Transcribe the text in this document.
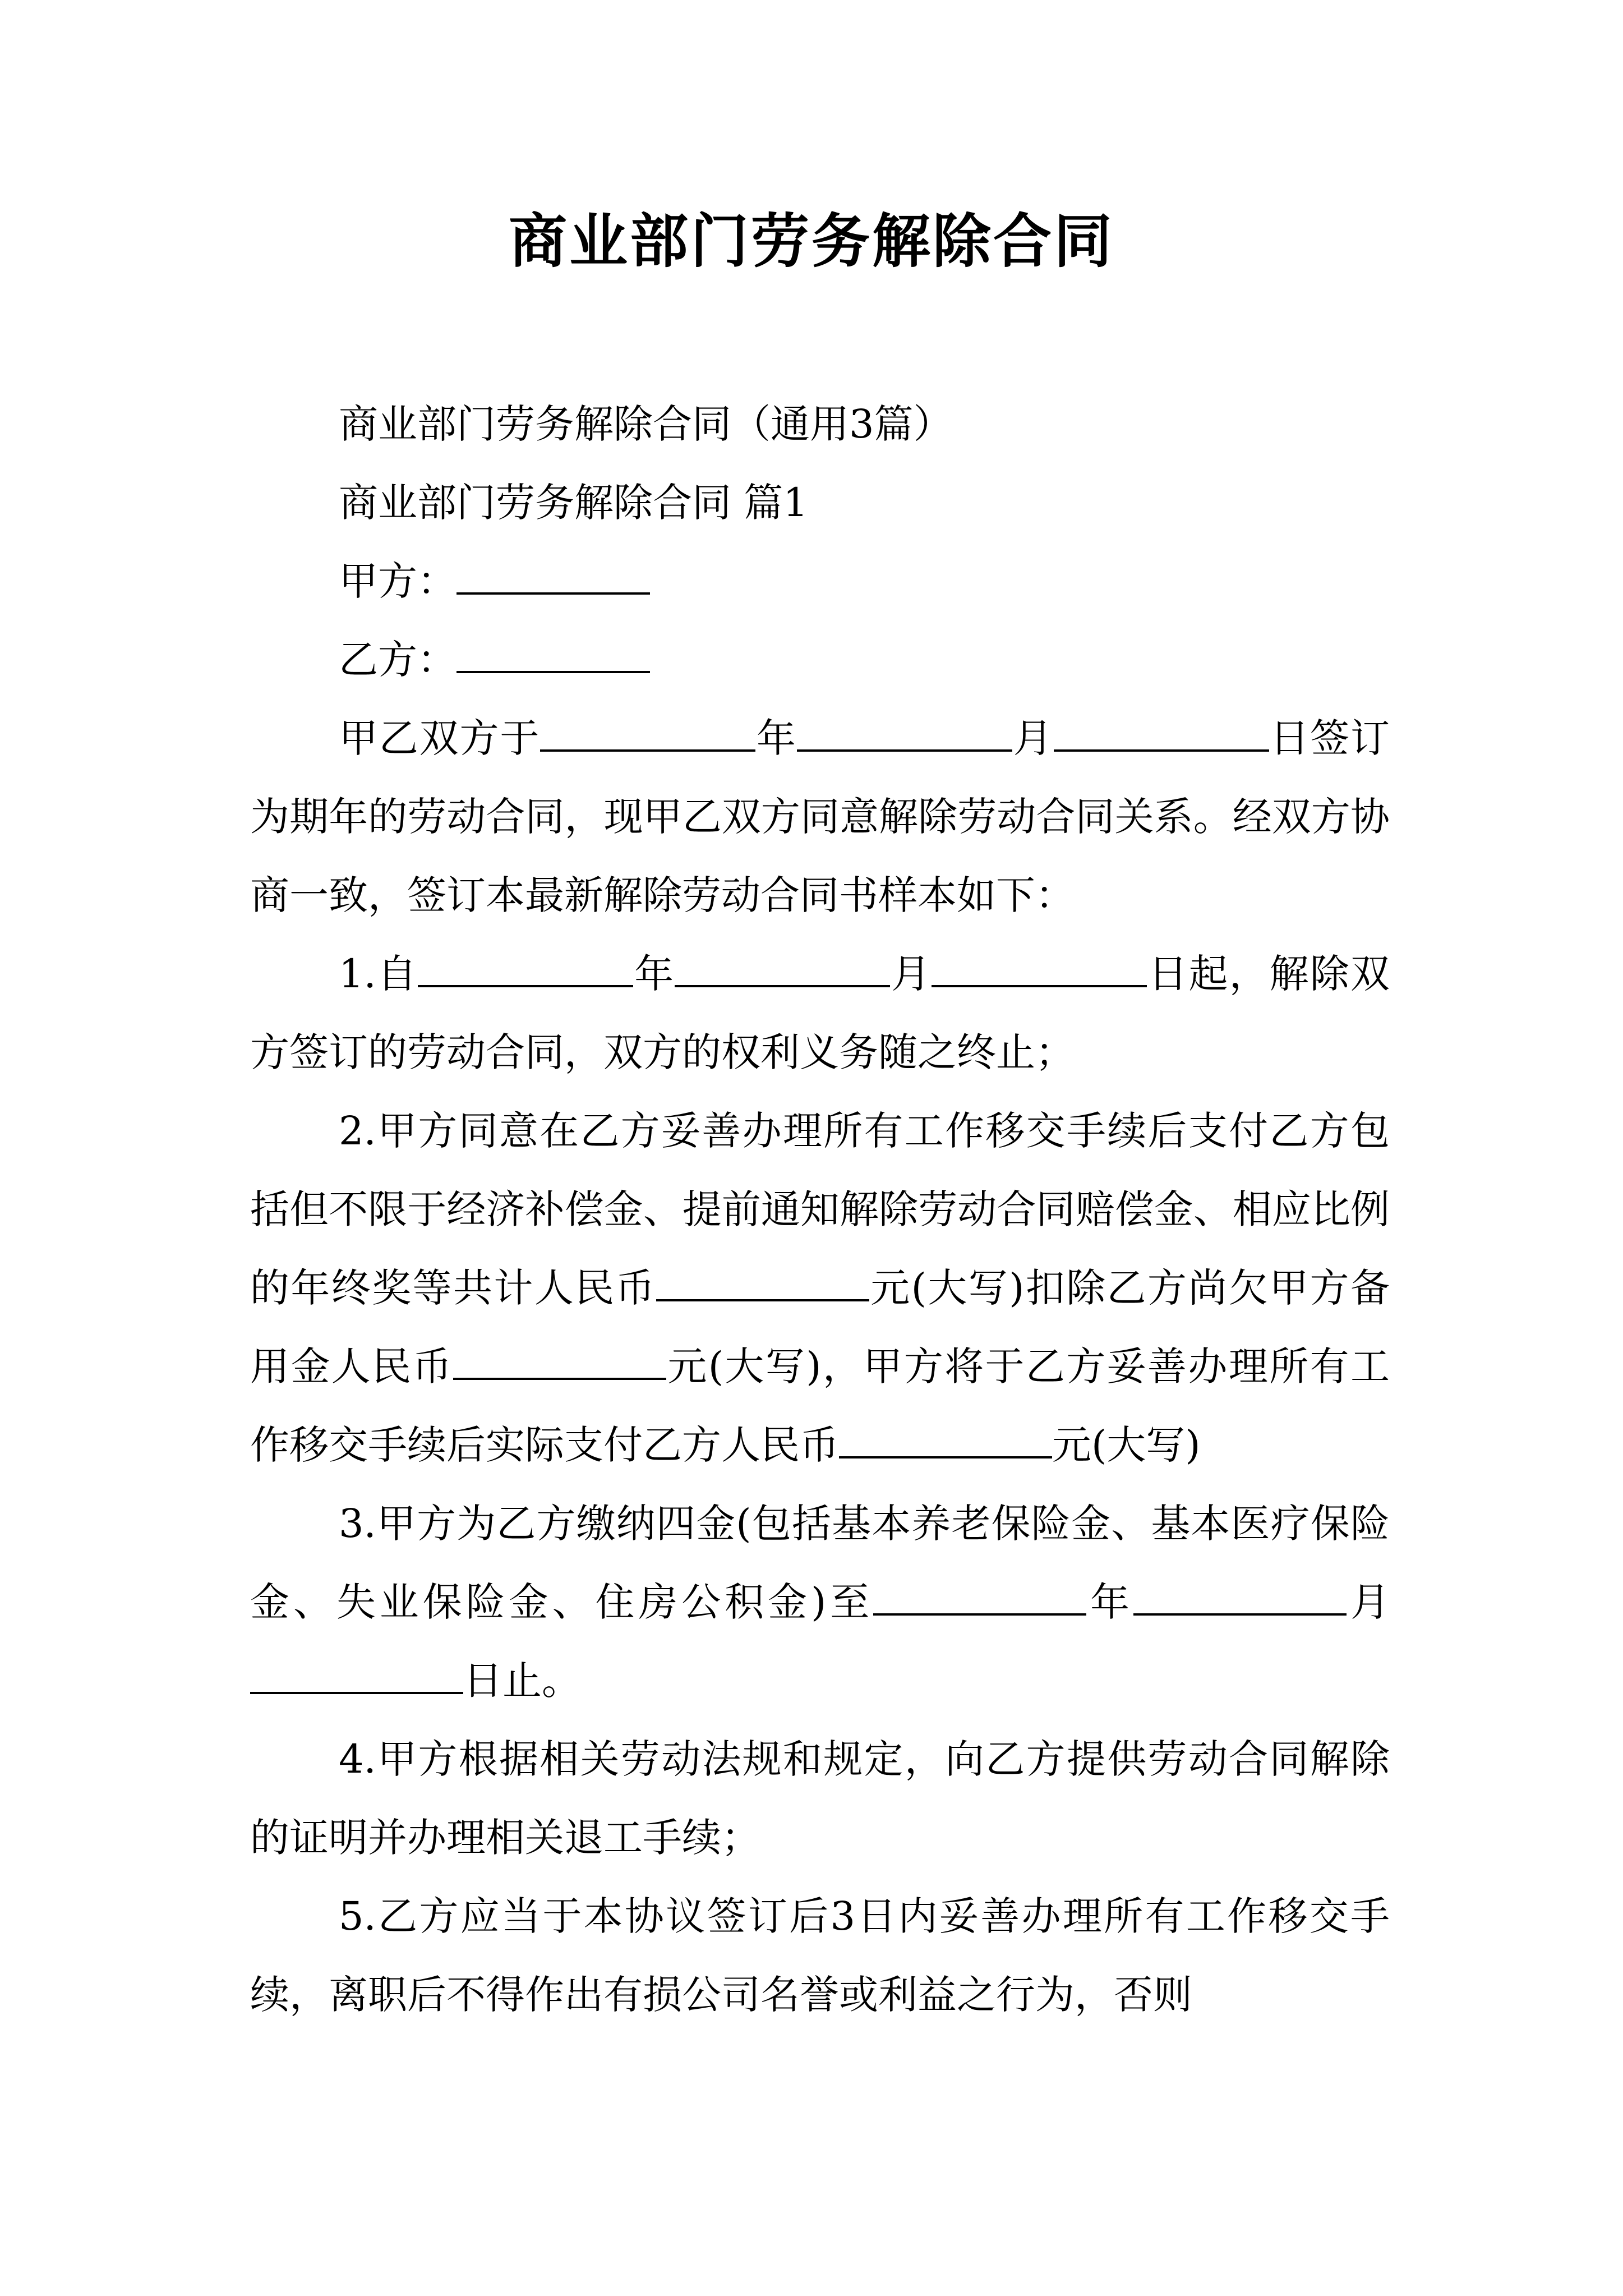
商业部门劳务解除合同

商业部门劳务解除合同（通用3篇）

商业部门劳务解除合同 篇1

甲方：

乙方：

甲乙双方于	年	月	日签订为期年的劳动合同，现甲乙双方同意解除劳动合同关系。经双方协商一致，签订本最新解除劳动合同书样本如下：

1.自	年	月	日起，解除双方签订的劳动合同，双方的权利义务随之终止；

2.甲方同意在乙方妥善办理所有工作移交手续后支付乙方包括但不限于经济补偿金、提前通知解除劳动合同赔偿金、相应比例的年终奖等共计人民币	元(大写)扣除乙方尚欠甲方备用金人民币	元(大写)，甲方将于乙方妥善办理所有工作移交手续后实际支付乙方人民币	元(大写)

3.甲方为乙方缴纳四金(包括基本养老保险金、基本医疗保险金、失业保险金、住房公积金)至	年	月日止。

4.甲方根据相关劳动法规和规定，向乙方提供劳动合同解除的证明并办理相关退工手续；

5.乙方应当于本协议签订后3日内妥善办理所有工作移交手续，离职后不得作出有损公司名誉或利益之行为，否则
